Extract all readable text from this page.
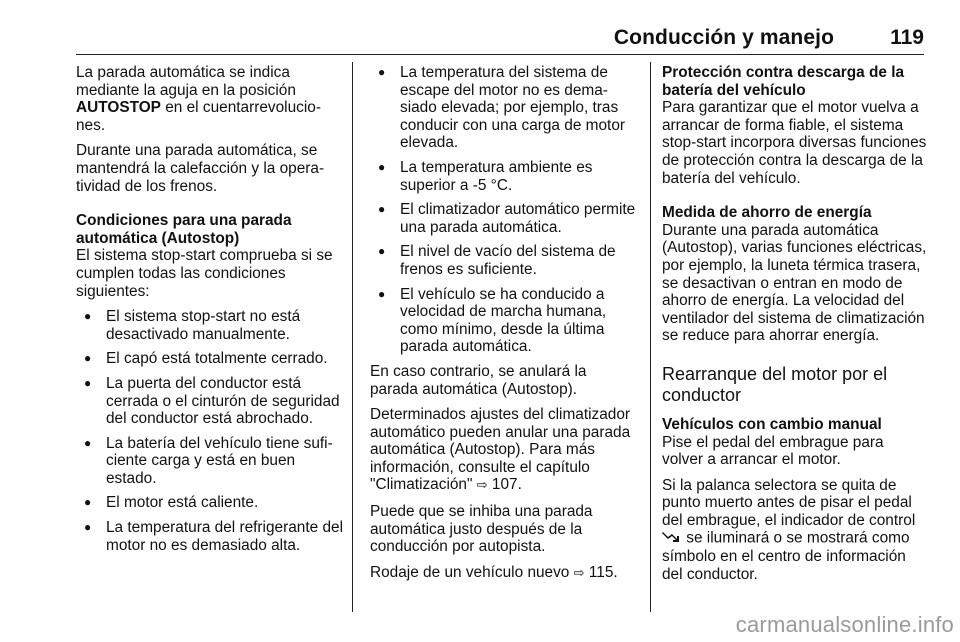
Conducción y manejo	119

La parada automática se indica mediante la aguja en la posición AUTOSTOP en el cuentarrevoluciones.

Durante una parada automática, se mantendrá la calefacción y la operatividad de los frenos.

Condiciones para una parada automática (Autostop)

El sistema stop-start comprueba si se cumplen todas las condiciones siguientes:

● El sistema stop-start no está desactivado manualmente.
● El capó está totalmente cerrado.
● La puerta del conductor está cerrada o el cinturón de seguridad del conductor está abrochado.
● La batería del vehículo tiene suficiente carga y está en buen estado.
● El motor está caliente.
● La temperatura del refrigerante del motor no es demasiado alta.
● La temperatura del sistema de escape del motor no es demasiado elevada; por ejemplo, tras conducir con una carga de motor elevada.
● La temperatura ambiente es superior a -5 °C.
● El climatizador automático permite una parada automática.
● El nivel de vacío del sistema de frenos es suficiente.
● El vehículo se ha conducido a velocidad de marcha humana, como mínimo, desde la última parada automática.

En caso contrario, se anulará la parada automática (Autostop).

Determinados ajustes del climatizador automático pueden anular una parada automática (Autostop). Para más información, consulte el capítulo "Climatización" ⇨ 107.

Puede que se inhiba una parada automática justo después de la conducción por autopista.

Rodaje de un vehículo nuevo ⇨ 115.

Protección contra descarga de la batería del vehículo

Para garantizar que el motor vuelva a arrancar de forma fiable, el sistema stop-start incorpora diversas funciones de protección contra la descarga de la batería del vehículo.

Medida de ahorro de energía

Durante una parada automática (Autostop), varias funciones eléctricas, por ejemplo, la luneta térmica trasera, se desactivan o entran en modo de ahorro de energía. La velocidad del ventilador del sistema de climatización se reduce para ahorrar energía.

Rearranque del motor por el conductor
Vehículos con cambio manual

Pise el pedal del embrague para volver a arrancar el motor.

Si la palanca selectora se quita de punto muerto antes de pisar el pedal del embrague, el indicador de control  se iluminará o se mostrará como símbolo en el centro de información del conductor.

carmanualsonline.info
